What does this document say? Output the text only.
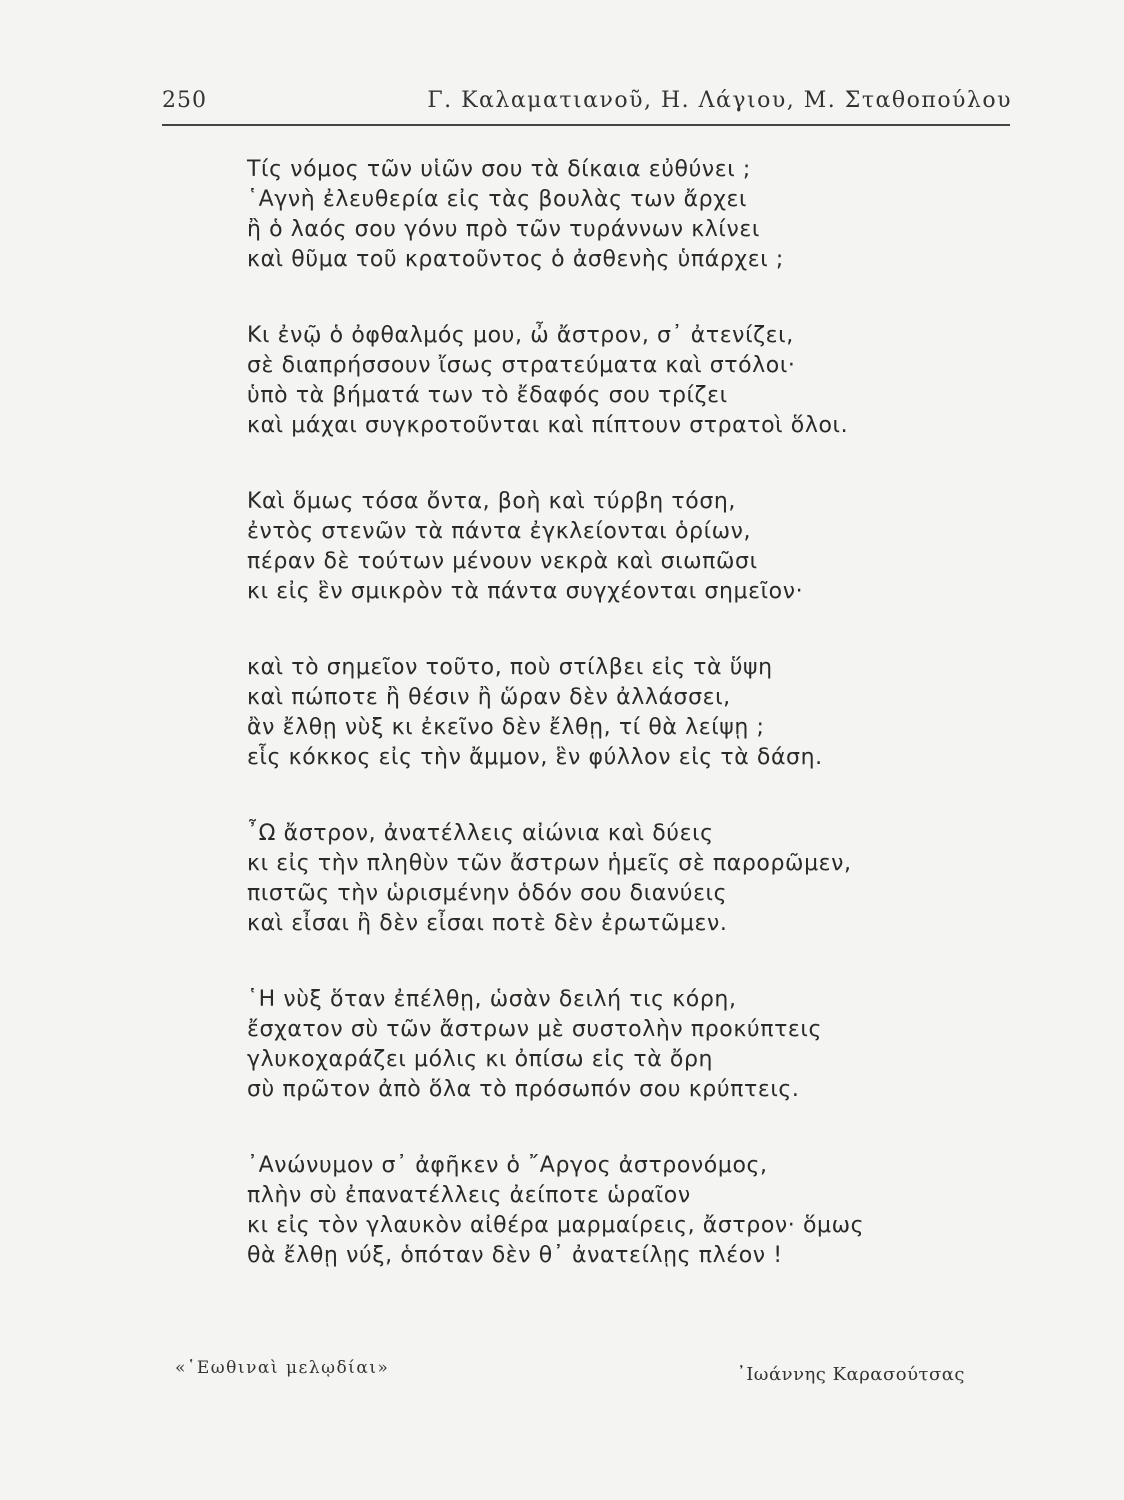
250	Γ. Καλαματιανοῦ, Η. Λάγιου, Μ. Σταθοπούλου
Τίς νόμος τῶν υἱῶν σου τὰ δίκαια εὐθύνει ;
῾Αγνὴ ἐλευθερία εἰς τὰς βουλὰς των ἄρχει
ἢ ὁ λαός σου γόνυ πρὸ τῶν τυράννων κλίνει
καὶ θῦμα τοῦ κρατοῦντος ὁ ἀσθενὴς ὑπάρχει ;
Κι ἐνῷ ὁ ὀφθαλμός μου, ὦ ἄστρον, σ᾿ ἀτενίζει,
σὲ διαπρήσσουν ἴσως στρατεύματα καὶ στόλοι·
ὑπὸ τὰ βήματά των τὸ ἔδαφός σου τρίζει
καὶ μάχαι συγκροτοῦνται καὶ πίπτουν στρατοὶ ὅλοι.
Καὶ ὅμως τόσα ὄντα, βοὴ καὶ τύρβη τόση,
ἐντὸς στενῶν τὰ πάντα ἐγκλείονται ὁρίων,
πέραν δὲ τούτων μένουν νεκρὰ καὶ σιωπῶσι
κι εἰς ἓν σμικρὸν τὰ πάντα συγχέονται σημεῖον·
καὶ τὸ σημεῖον τοῦτο, ποὺ στίλβει εἰς τὰ ὕψη
καὶ πώποτε ἢ θέσιν ἢ ὥραν δὲν ἀλλάσσει,
ἂν ἔλθῃ νὺξ κι ἐκεῖνο δὲν ἔλθῃ, τί θὰ λείψῃ ;
εἷς κόκκος εἰς τὴν ἄμμον, ἓν φύλλον εἰς τὰ δάση.
῏Ω ἄστρον, ἀνατέλλεις αἰώνια καὶ δύεις
κι εἰς τὴν πληθὺν τῶν ἄστρων ἡμεῖς σὲ παρορῶμεν,
πιστῶς τὴν ὡρισμένην ὁδόν σου διανύεις
καὶ εἶσαι ἢ δὲν εἶσαι ποτὲ δὲν ἐρωτῶμεν.
῾Η νὺξ ὅταν ἐπέλθῃ, ὡσὰν δειλή τις κόρη,
ἔσχατον σὺ τῶν ἄστρων μὲ συστολὴν προκύπτεις
γλυκοχαράζει μόλις κι ὀπίσω εἰς τὰ ὄρη
σὺ πρῶτον ἀπὸ ὅλα τὸ πρόσωπόν σου κρύπτεις.
᾿Ανώνυμον σ᾿ ἀφῆκεν ὁ ῎Αργος ἀστρονόμος,
πλὴν σὺ ἐπανατέλλεις ἀείποτε ὡραῖον
κι εἰς τὸν γλαυκὸν αἰθέρα μαρμαίρεις, ἄστρον· ὅμως
θὰ ἔλθῃ νύξ, ὁπόταν δὲν θ᾿ ἀνατείλῃς πλέον !
«῾Εωθιναὶ μελῳδίαι»	᾿Ιωάννης Καρασούτσας
